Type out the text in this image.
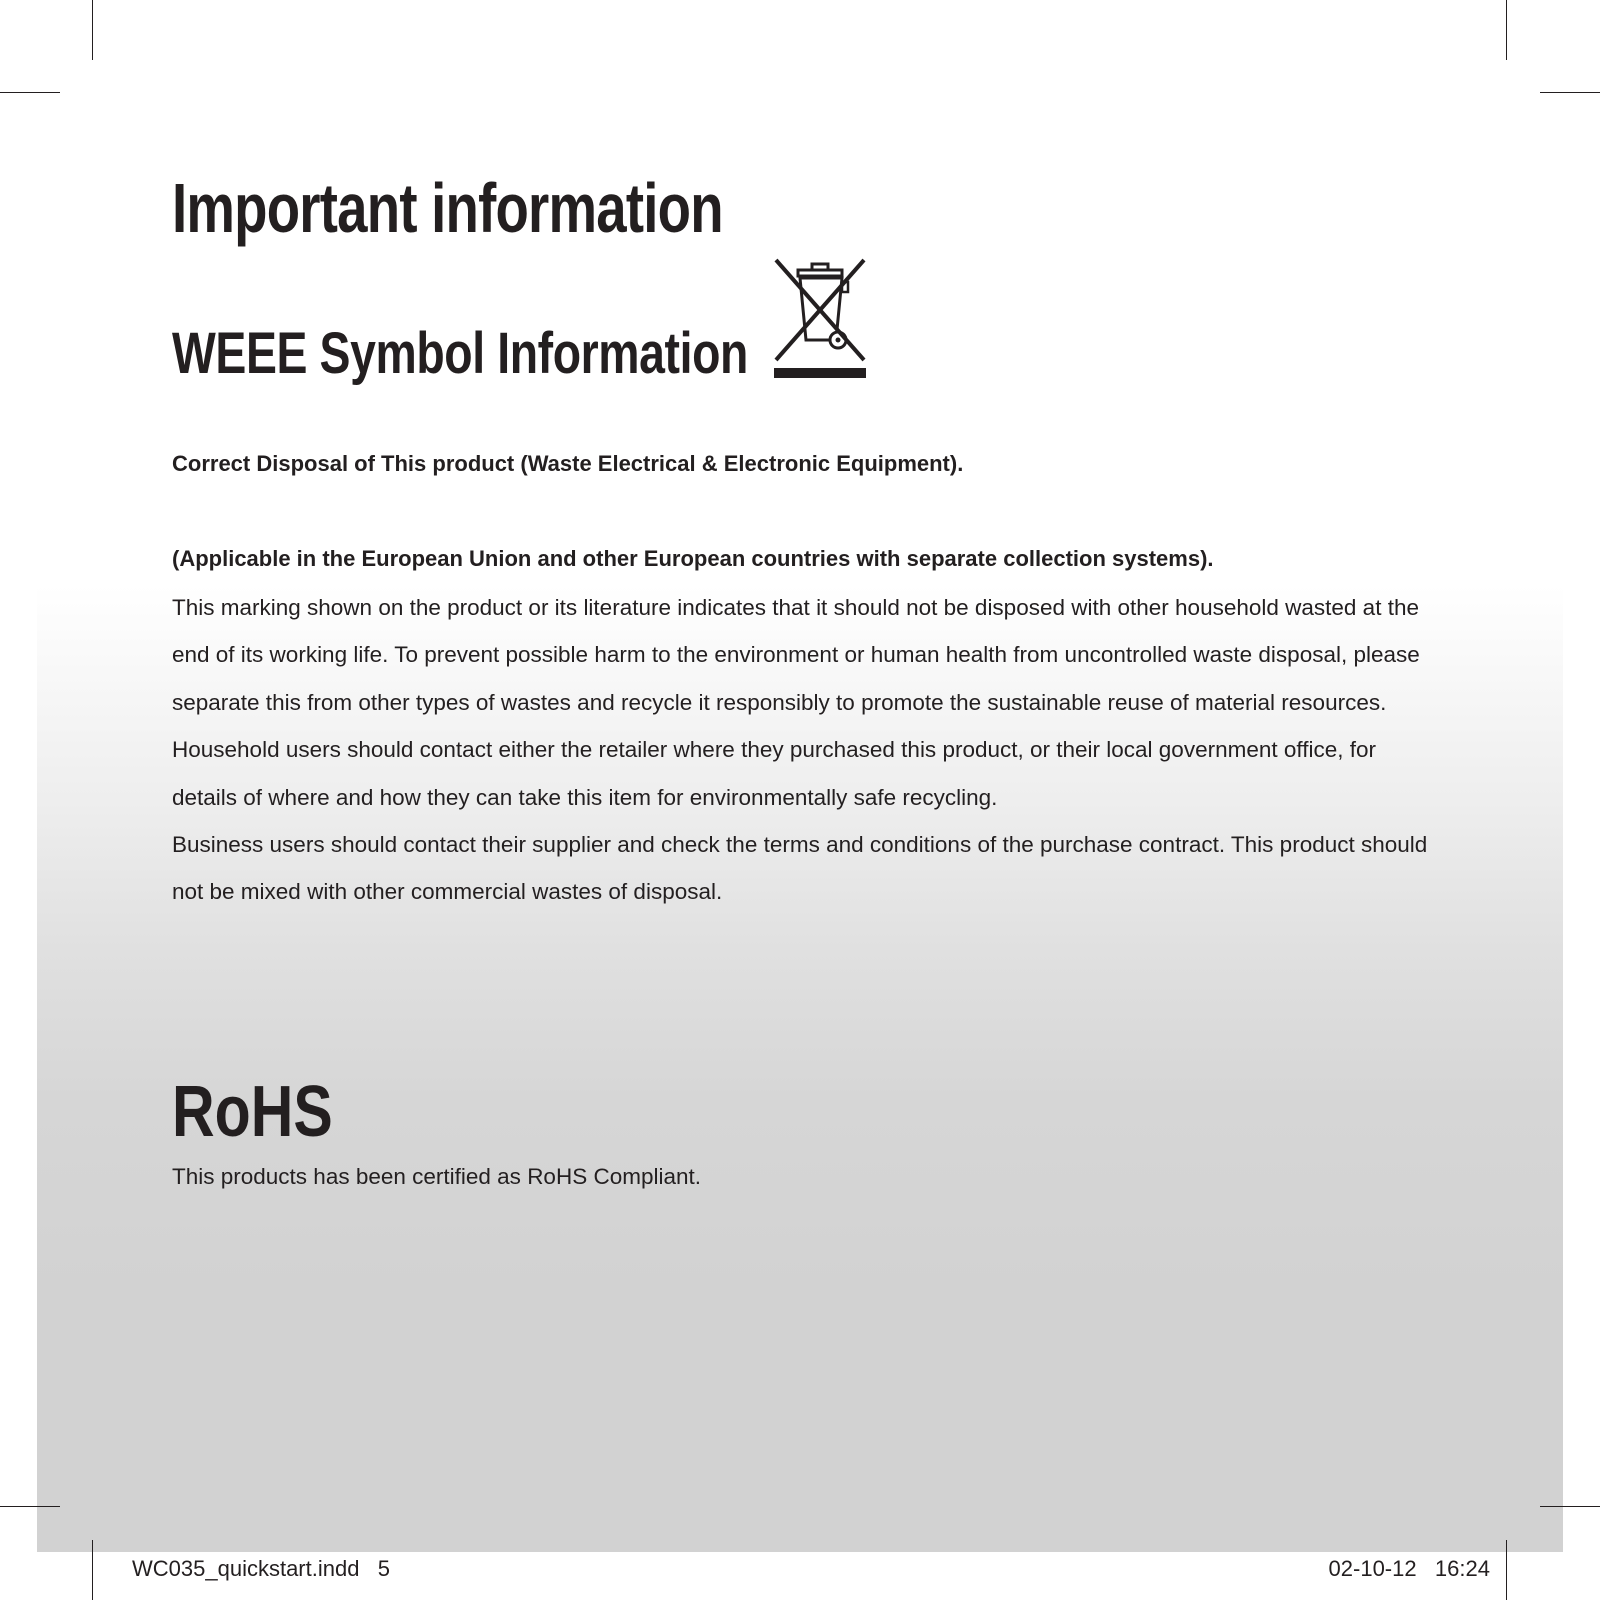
Important information
WEEE Symbol Information

Correct Disposal of This product (Waste Electrical & Electronic Equipment).

(Applicable in the European Union and other European countries with separate collection systems).

This marking shown on the product or its literature indicates that it should not be disposed with other household wasted at the end of its working life. To prevent possible harm to the environment or human health from uncontrolled waste disposal, please separate this from other types of wastes and recycle it responsibly to promote the sustainable reuse of material resources.

Household users should contact either the retailer where they purchased this product, or their local government office, for details of where and how they can take this item for environmentally safe recycling.

Business users should contact their supplier and check the terms and conditions of the purchase contract. This product should not be mixed with other commercial wastes of disposal.

RoHS

This products has been certified as RoHS Compliant.

WC035_quickstart.indd   5	02-10-12   16:24
